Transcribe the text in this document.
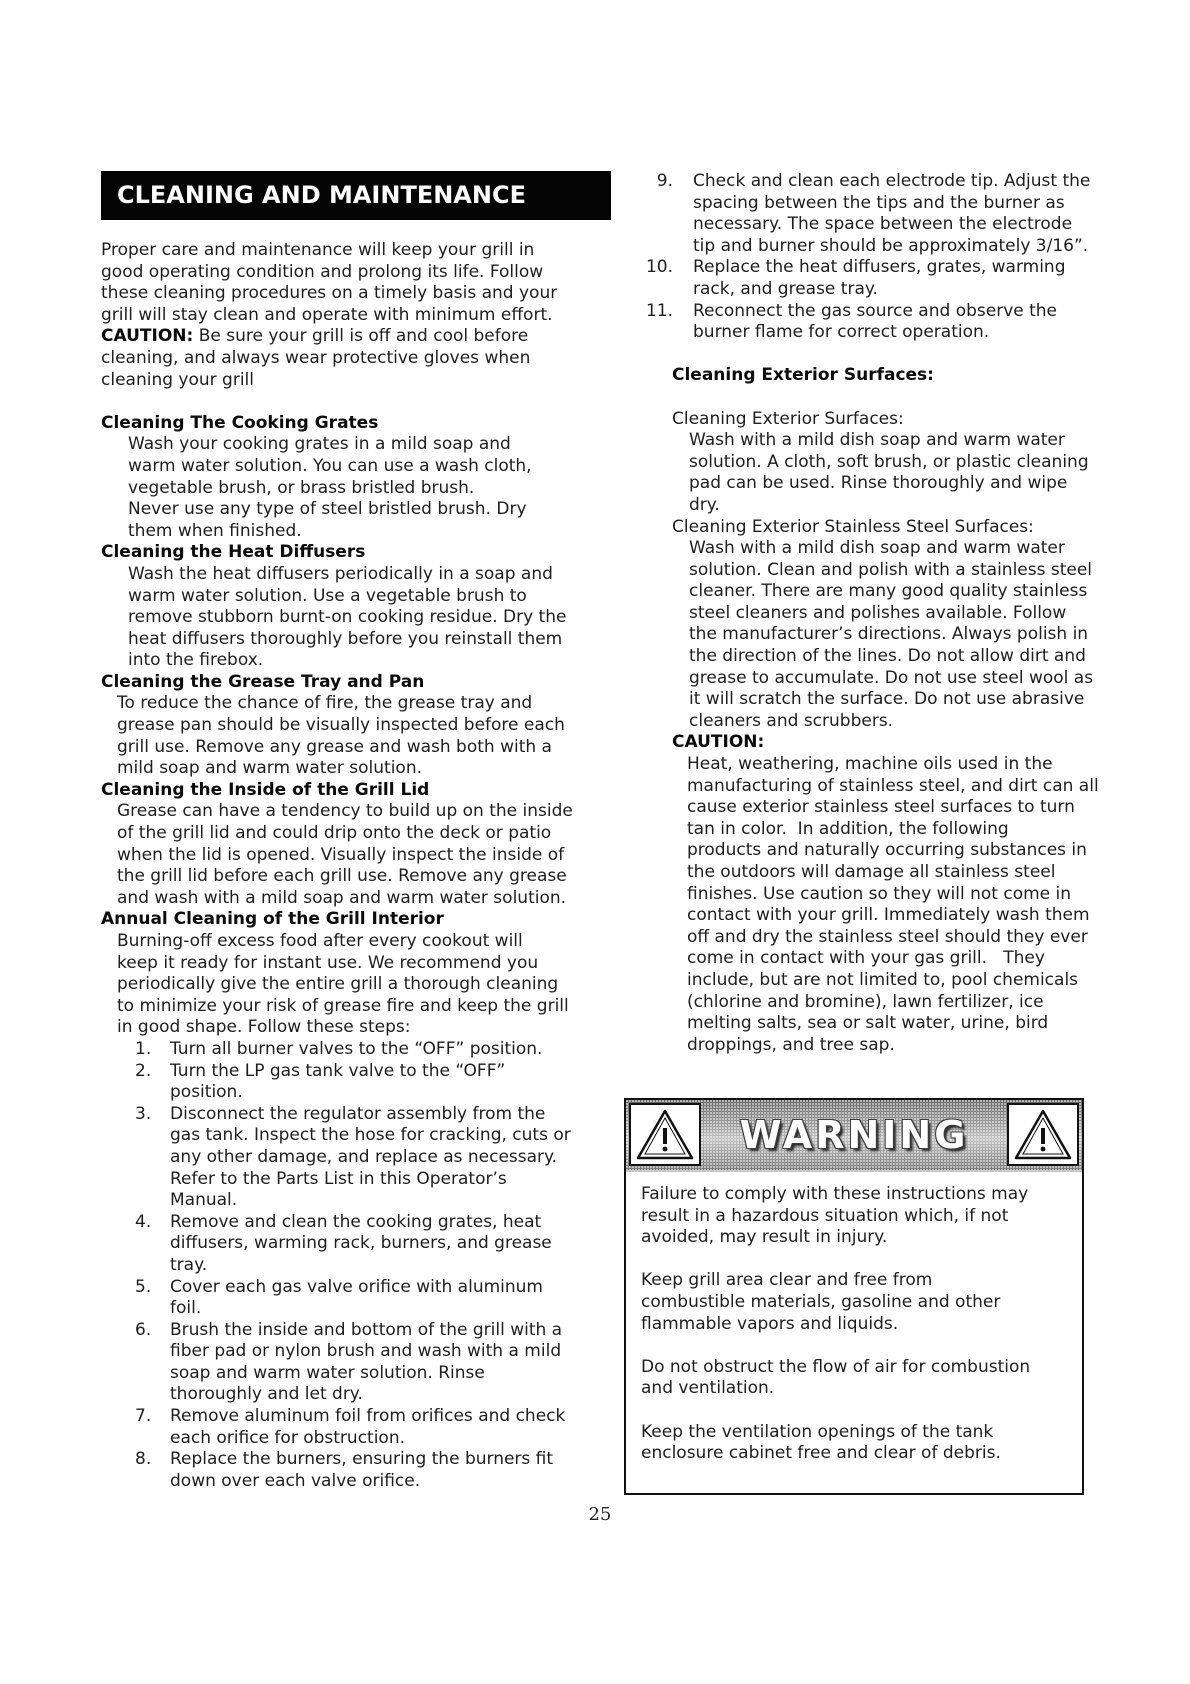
CLEANING AND MAINTENANCE
Proper care and maintenance will keep your grill in
good operating condition and prolong its life. Follow
these cleaning procedures on a timely basis and your
grill will stay clean and operate with minimum effort.
CAUTION: Be sure your grill is off and cool before
cleaning, and always wear protective gloves when
cleaning your grill
Cleaning The Cooking Grates
Wash your cooking grates in a mild soap and
warm water solution. You can use a wash cloth,
vegetable brush, or brass bristled brush.
Never use any type of steel bristled brush. Dry
them when finished.
Cleaning the Heat Diffusers
Wash the heat diffusers periodically in a soap and
warm water solution. Use a vegetable brush to
remove stubborn burnt-on cooking residue. Dry the
heat diffusers thoroughly before you reinstall them
into the firebox.
Cleaning the Grease Tray and Pan
To reduce the chance of fire, the grease tray and
grease pan should be visually inspected before each
grill use. Remove any grease and wash both with a
mild soap and warm water solution.
Cleaning the Inside of the Grill Lid
Grease can have a tendency to build up on the inside
of the grill lid and could drip onto the deck or patio
when the lid is opened. Visually inspect the inside of
the grill lid before each grill use. Remove any grease
and wash with a mild soap and warm water solution.
Annual Cleaning of the Grill Interior
Burning-off excess food after every cookout will
keep it ready for instant use. We recommend you
periodically give the entire grill a thorough cleaning
to minimize your risk of grease fire and keep the grill
in good shape. Follow these steps:
1.	Turn all burner valves to the “OFF” position.
2.	Turn the LP gas tank valve to the “OFF”
position.
3.	Disconnect the regulator assembly from the
gas tank. Inspect the hose for cracking, cuts or
any other damage, and replace as necessary.
Refer to the Parts List in this Operator’s
Manual.
4.	Remove and clean the cooking grates, heat
diffusers, warming rack, burners, and grease
tray.
5.	Cover each gas valve orifice with aluminum
foil.
6.	Brush the inside and bottom of the grill with a
fiber pad or nylon brush and wash with a mild
soap and warm water solution. Rinse
thoroughly and let dry.
7.	Remove aluminum foil from orifices and check
each orifice for obstruction.
8.	Replace the burners, ensuring the burners fit
down over each valve orifice.
9. Check and clean each electrode tip. Adjust the
spacing between the tips and the burner as
necessary. The space between the electrode
tip and burner should be approximately 3/16”.
10. Replace the heat diffusers, grates, warming
rack, and grease tray.
11. Reconnect the gas source and observe the
burner flame for correct operation.
Cleaning Exterior Surfaces:
Cleaning Exterior Surfaces:
Wash with a mild dish soap and warm water
solution. A cloth, soft brush, or plastic cleaning
pad can be used. Rinse thoroughly and wipe
dry.
Cleaning Exterior Stainless Steel Surfaces:
Wash with a mild dish soap and warm water
solution. Clean and polish with a stainless steel
cleaner. There are many good quality stainless
steel cleaners and polishes available. Follow
the manufacturer’s directions. Always polish in
the direction of the lines. Do not allow dirt and
grease to accumulate. Do not use steel wool as
it will scratch the surface. Do not use abrasive
cleaners and scrubbers.
CAUTION:
Heat, weathering, machine oils used in the
manufacturing of stainless steel, and dirt can all
cause exterior stainless steel surfaces to turn
tan in color.  In addition, the following
products and naturally occurring substances in
the outdoors will damage all stainless steel
finishes. Use caution so they will not come in
contact with your grill. Immediately wash them
off and dry the stainless steel should they ever
come in contact with your gas grill.   They
include, but are not limited to, pool chemicals
(chlorine and bromine), lawn fertilizer, ice
melting salts, sea or salt water, urine, bird
droppings, and tree sap.
WARNING
Failure to comply with these instructions may
result in a hazardous situation which, if not
avoided, may result in injury.
Keep grill area clear and free from
combustible materials, gasoline and other
flammable vapors and liquids.
Do not obstruct the flow of air for combustion
and ventilation.
Keep the ventilation openings of the tank
enclosure cabinet free and clear of debris.
25
